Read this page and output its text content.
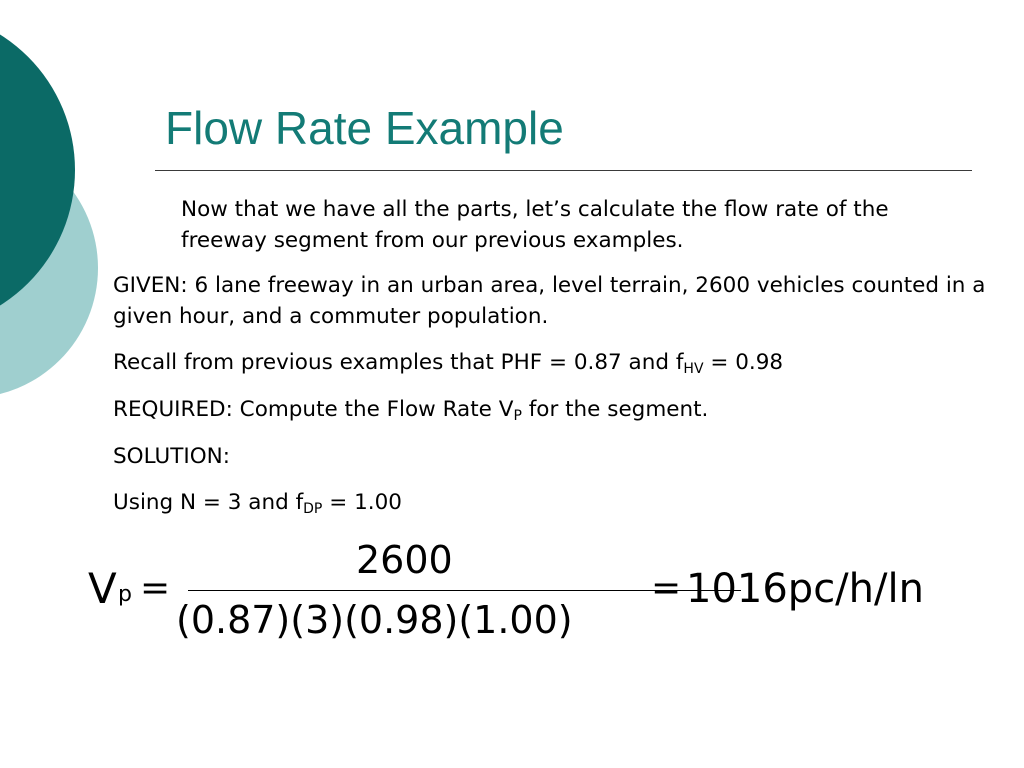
Flow Rate Example

Now that we have all the parts, let’s calculate the flow rate of the freeway segment from our previous examples.

GIVEN: 6 lane freeway in an urban area, level terrain, 2600 vehicles counted in a given hour, and a commuter population.

Recall from previous examples that PHF = 0.87 and $f_{HV} = 0.98$

REQUIRED: Compute the Flow Rate $V_P$ for the segment.

SOLUTION:

Using N = 3 and $f_{DP} = 1.00$

V p =
2600
(0.87)(3)(0.98)(1.00)
= 1016pc/h/ln
